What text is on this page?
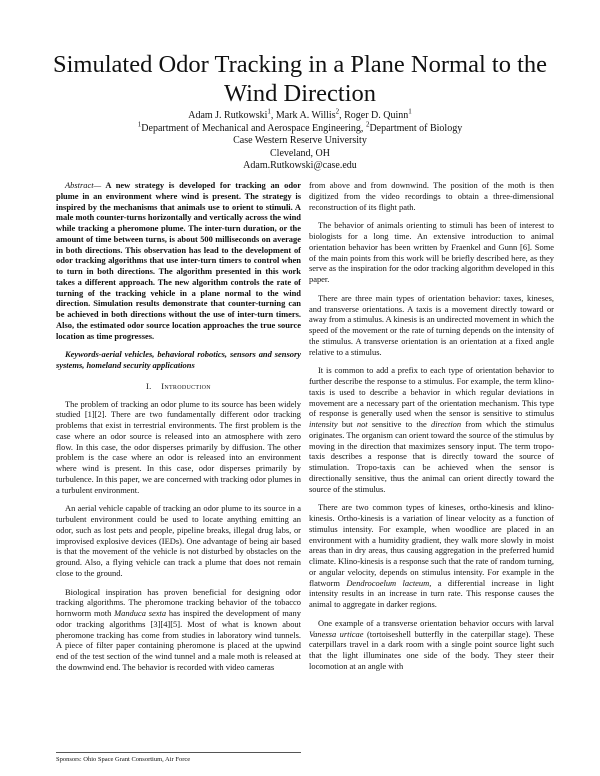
Simulated Odor Tracking in a Plane Normal to the Wind Direction
Adam J. Rutkowski$^1$, Mark A. Willis$^2$, Roger D. Quinn$^1$
$^1$Department of Mechanical and Aerospace Engineering, $^2$Department of Biology
Case Western Reserve University
Cleveland, OH
Adam.Rutkowski@case.edu

Abstract— A new strategy is developed for tracking an odor plume in an environment where wind is present. The strategy is inspired by the mechanisms that animals use to orient to stimuli. A male moth counter-turns horizontally and vertically across the wind while tracking a pheromone plume. The inter-turn duration, or the amount of time between turns, is about 500 milliseconds on average in both directions. This observation has lead to the development of odor tracking algorithms that use inter-turn timers to control when to turn in both directions. The algorithm presented in this work takes a different approach. The new algorithm controls the rate of turning of the tracking vehicle in a plane normal to the wind direction. Simulation results demonstrate that counter-turning can be achieved in both directions without the use of inter-turn timers. Also, the estimated odor source location approaches the true source location as time progresses.

Keywords-aerial vehicles, behavioral robotics, sensors and sensory systems, homeland security applications

I. Introduction

The problem of tracking an odor plume to its source has been widely studied [1][2]. There are two fundamentally different odor tracking problems that exist in terrestrial environments. The first problem is the case where an odor source is released into an atmosphere with zero flow. In this case, the odor disperses primarily by diffusion. The other problem is the case where an odor is released into an environment where wind is present. In this case, odor disperses primarily by turbulence. In this paper, we are concerned with tracking odor plumes in a turbulent environment.

An aerial vehicle capable of tracking an odor plume to its source in a turbulent environment could be used to locate anything emitting an odor, such as lost pets and people, pipeline breaks, illegal drug labs, or improvised explosive devices (IEDs). One advantage of being air based is that the movement of the vehicle is not disturbed by obstacles on the ground. Also, a flying vehicle can track a plume that does not remain close to the ground.

Biological inspiration has proven beneficial for designing odor tracking algorithms. The pheromone tracking behavior of the tobacco hornworm moth Manduca sexta has inspired the development of many odor tracking algorithms [3][4][5]. Most of what is known about pheromone tracking has come from studies in laboratory wind tunnels. A piece of filter paper containing pheromone is placed at the upwind end of the test section of the wind tunnel and a male moth is released at the downwind end. The behavior is recorded with video cameras

Sponsors: Ohio Space Grant Consortium, Air Force

from above and from downwind. The position of the moth is then digitized from the video recordings to obtain a three-dimensional reconstruction of its flight path.

The behavior of animals orienting to stimuli has been of interest to biologists for a long time. An extensive introduction to animal orientation behavior has been written by Fraenkel and Gunn [6]. Some of the main points from this work will be briefly described here, as they serve as the inspiration for the odor tracking algorithm developed in this paper.

There are three main types of orientation behavior: taxes, kineses, and transverse orientations. A taxis is a movement directly toward or away from a stimulus. A kinesis is an undirected movement in which the speed of the movement or the rate of turning depends on the intensity of the stimulus. A transverse orientation is an orientation at a fixed angle relative to a stimulus.

It is common to add a prefix to each type of orientation behavior to further describe the response to a stimulus. For example, the term klino-taxis is used to describe a behavior in which regular deviations in movement are a necessary part of the orientation mechanism. This type of response is generally used when the sensor is sensitive to stimulus intensity but not sensitive to the direction from which the stimulus originates. The organism can orient toward the source of the stimulus by moving in the direction that maximizes sensory input. The term tropo-taxis describes a response that is directly toward the source of stimulation. Tropo-taxis can be achieved when the sensor is directionally sensitive, thus the animal can orient directly toward the source of the stimulus.

There are two common types of kineses, ortho-kinesis and klino-kinesis. Ortho-kinesis is a variation of linear velocity as a function of stimulus intensity. For example, when woodlice are placed in an environment with a humidity gradient, they walk more slowly in moist areas than in dry areas, thus causing aggregation in the preferred humid climate. Klino-kinesis is a response such that the rate of random turning, or angular velocity, depends on stimulus intensity. For example in the flatworm Dendrocoelum lacteum, a differential increase in light intensity results in an increase in turn rate. This response causes the animal to aggregate in darker regions.

One example of a transverse orientation behavior occurs with larval Vanessa urticae (tortoiseshell butterfly in the caterpillar stage). These caterpillars travel in a dark room with a single point source light such that the light illuminates one side of the body. They steer their locomotion at an angle with
